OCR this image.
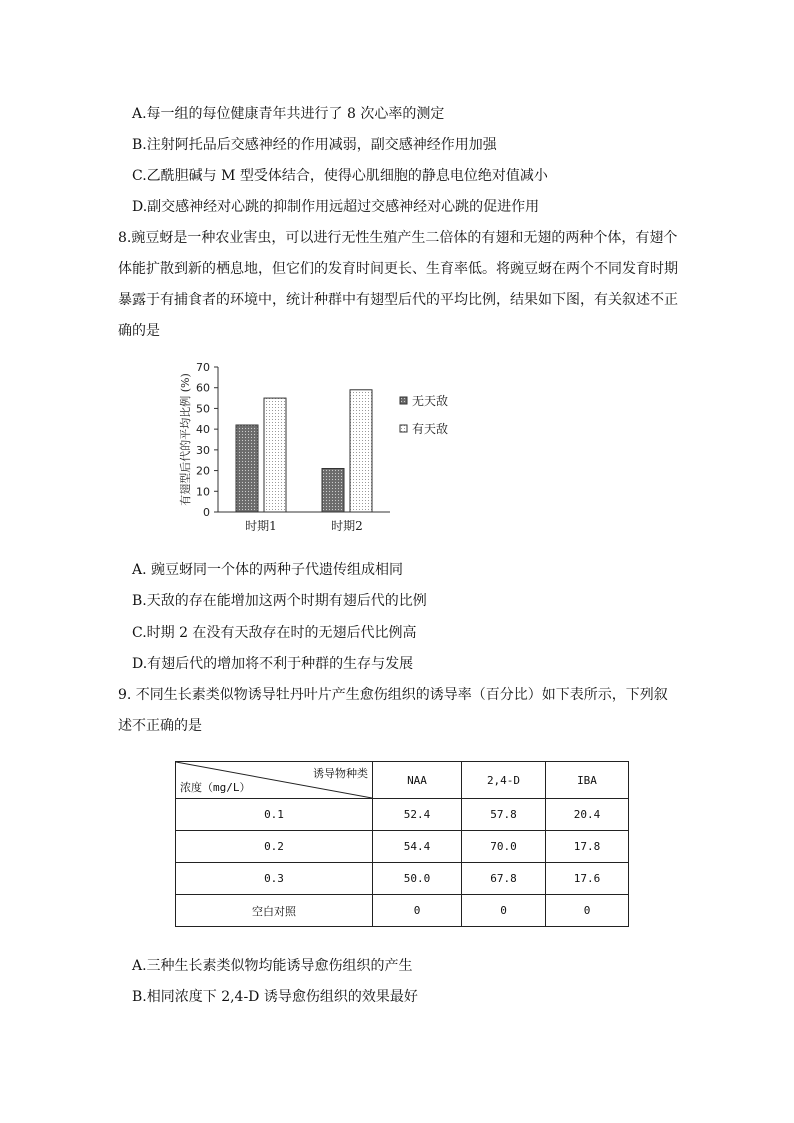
A.每一组的每位健康青年共进行了 8 次心率的测定
B.注射阿托品后交感神经的作用减弱，副交感神经作用加强
C.乙酰胆碱与 M 型受体结合，使得心肌细胞的静息电位绝对值减小
D.副交感神经对心跳的抑制作用远超过交感神经对心跳的促进作用
8.豌豆蚜是一种农业害虫，可以进行无性生殖产生二倍体的有翅和无翅的两种个体，有翅个
体能扩散到新的栖息地，但它们的发育时间更长、生育率低。将豌豆蚜在两个不同发育时期
暴露于有捕食者的环境中，统计种群中有翅型后代的平均比例，结果如下图，有关叙述不正
确的是
0
10
20
30
40
50
60
70
有翅型后代的平均比例 (%)
时期1	时期2
无天敌
有天敌
A. 豌豆蚜同一个体的两种子代遗传组成相同
B.天敌的存在能增加这两个时期有翅后代的比例
C.时期 2 在没有天敌存在时的无翅后代比例高
D.有翅后代的增加将不利于种群的生存与发展
9. 不同生长素类似物诱导牡丹叶片产生愈伤组织的诱导率（百分比）如下表所示，下列叙
述不正确的是
诱导物种类
浓度（mg/L）	NAA	2,4-D	IBA
0.1	52.4	57.8	20.4
0.2	54.4	70.0	17.8
0.3	50.0	67.8	17.6
空白对照	0	0	0
A.三种生长素类似物均能诱导愈伤组织的产生
B.相同浓度下 2,4-D 诱导愈伤组织的效果最好
